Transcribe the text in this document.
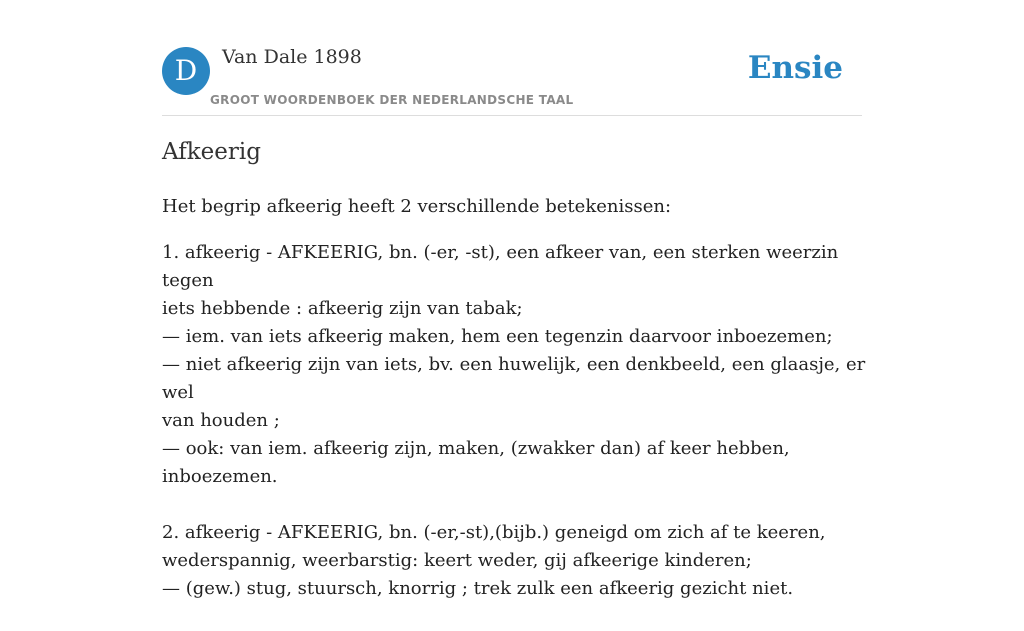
D	Van Dale 1898
GROOT WOORDENBOEK DER NEDERLANDSCHE TAAL
Ensie
Afkeerig

Het begrip afkeerig heeft 2 verschillende betekenissen:

1. afkeerig - AFKEERIG, bn. (-er, -st), een afkeer van, een sterken weerzin tegen
iets hebbende : afkeerig zijn van tabak;
— iem. van iets afkeerig maken, hem een tegenzin daarvoor inboezemen;
— niet afkeerig zijn van iets, bv. een huwelijk, een denkbeeld, een glaasje, er wel
van houden ;
— ook: van iem. afkeerig zijn, maken, (zwakker dan) af keer hebben, inboezemen.
2. afkeerig - AFKEERIG, bn. (-er,-st),(bijb.) geneigd om zich af te keeren,
wederspannig, weerbarstig: keert weder, gij afkeerige kinderen;
— (gew.) stug, stuursch, knorrig ; trek zulk een afkeerig gezicht niet.
